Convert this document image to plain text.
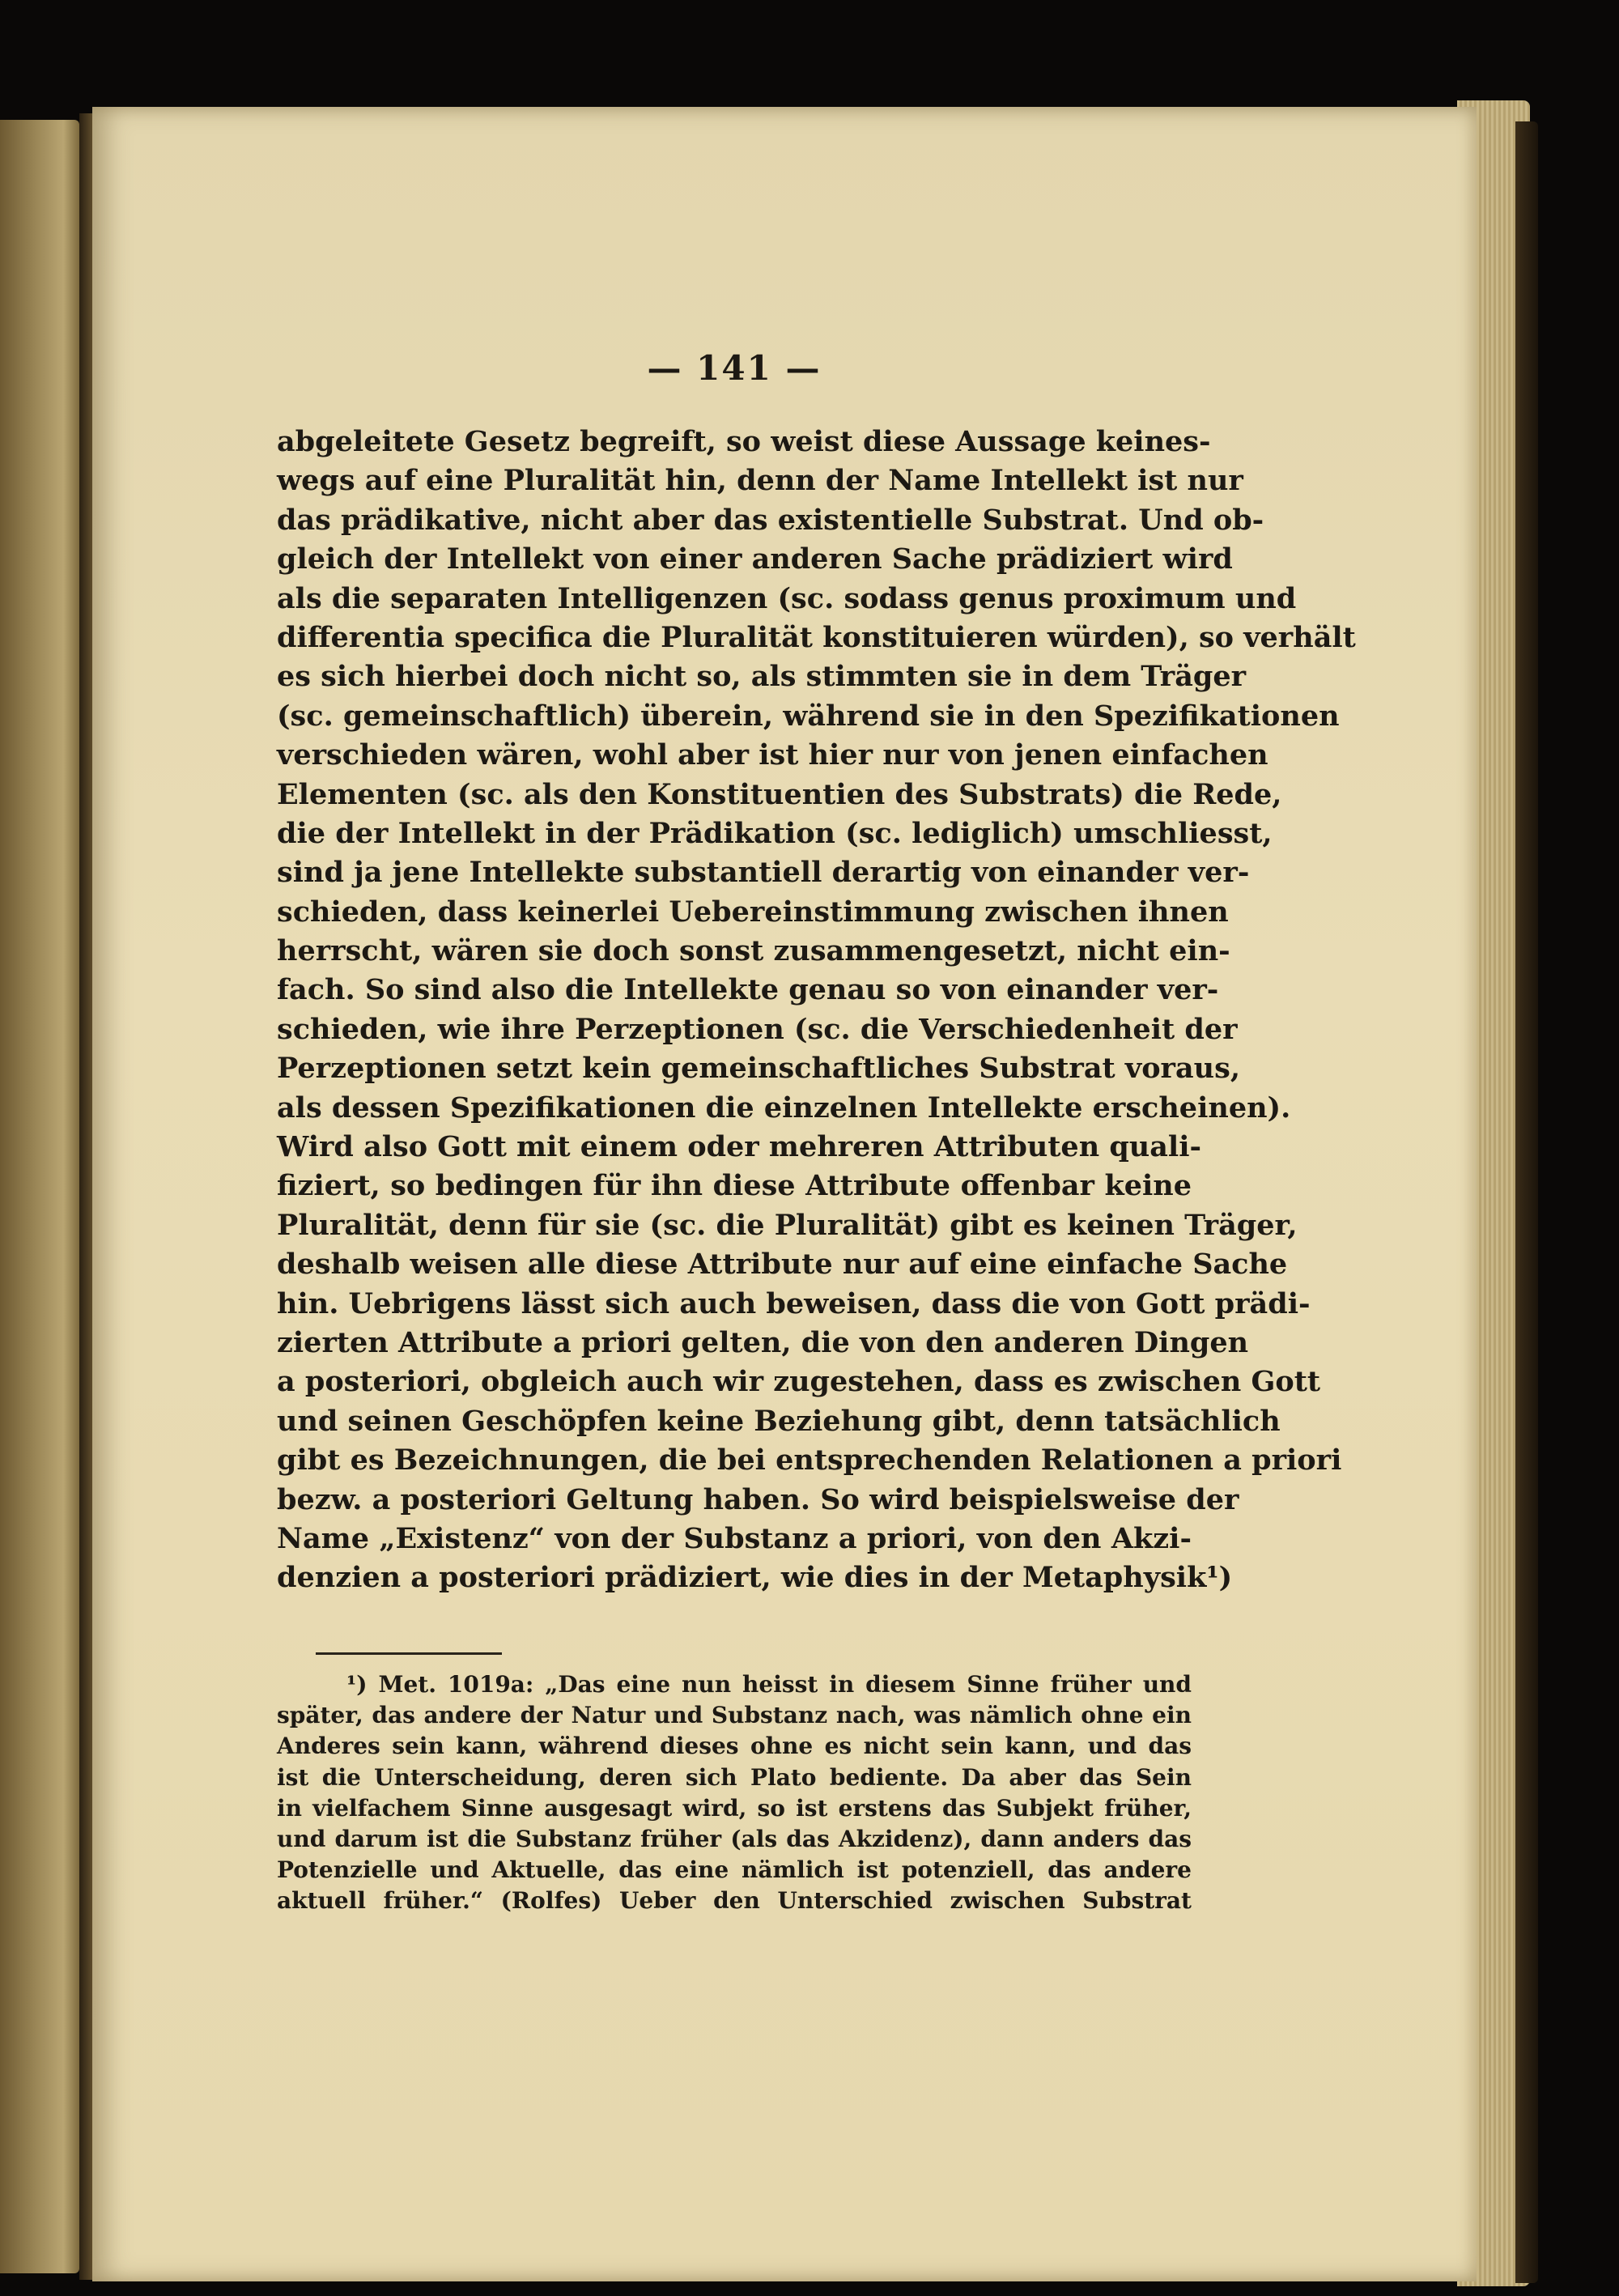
— 141 —
abgeleitete Gesetz begreift, so weist diese Aussage keines-
wegs auf eine Pluralität hin, denn der Name Intellekt ist nur
das prädikative, nicht aber das existentielle Substrat. Und ob-
gleich der Intellekt von einer anderen Sache prädiziert wird
als die separaten Intelligenzen (sc. sodass genus proximum und
differentia specifica die Pluralität konstituieren würden), so verhält
es sich hierbei doch nicht so, als stimmten sie in dem Träger
(sc. gemeinschaftlich) überein, während sie in den Spezifikationen
verschieden wären, wohl aber ist hier nur von jenen einfachen
Elementen (sc. als den Konstituentien des Substrats) die Rede,
die der Intellekt in der Prädikation (sc. lediglich) umschliesst,
sind ja jene Intellekte substantiell derartig von einander ver-
schieden, dass keinerlei Uebereinstimmung zwischen ihnen
herrscht, wären sie doch sonst zusammengesetzt, nicht ein-
fach. So sind also die Intellekte genau so von einander ver-
schieden, wie ihre Perzeptionen (sc. die Verschiedenheit der
Perzeptionen setzt kein gemeinschaftliches Substrat voraus,
als dessen Spezifikationen die einzelnen Intellekte erscheinen).
Wird also Gott mit einem oder mehreren Attributen quali-
fiziert, so bedingen für ihn diese Attribute offenbar keine
Pluralität, denn für sie (sc. die Pluralität) gibt es keinen Träger,
deshalb weisen alle diese Attribute nur auf eine einfache Sache
hin. Uebrigens lässt sich auch beweisen, dass die von Gott prädi-
zierten Attribute a priori gelten, die von den anderen Dingen
a posteriori, obgleich auch wir zugestehen, dass es zwischen Gott
und seinen Geschöpfen keine Beziehung gibt, denn tatsächlich
gibt es Bezeichnungen, die bei entsprechenden Relationen a priori
bezw. a posteriori Geltung haben. So wird beispielsweise der
Name „Existenz“ von der Substanz a priori, von den Akzi-
denzien a posteriori prädiziert, wie dies in der Metaphysik¹)
¹) Met. 1019a: „Das eine nun heisst in diesem Sinne früher und
später, das andere der Natur und Substanz nach, was nämlich ohne ein
Anderes sein kann, während dieses ohne es nicht sein kann, und das
ist die Unterscheidung, deren sich Plato bediente. Da aber das Sein
in vielfachem Sinne ausgesagt wird, so ist erstens das Subjekt früher,
und darum ist die Substanz früher (als das Akzidenz), dann anders das
Potenzielle und Aktuelle, das eine nämlich ist potenziell, das andere
aktuell früher.“ (Rolfes) Ueber den Unterschied zwischen Substrat
